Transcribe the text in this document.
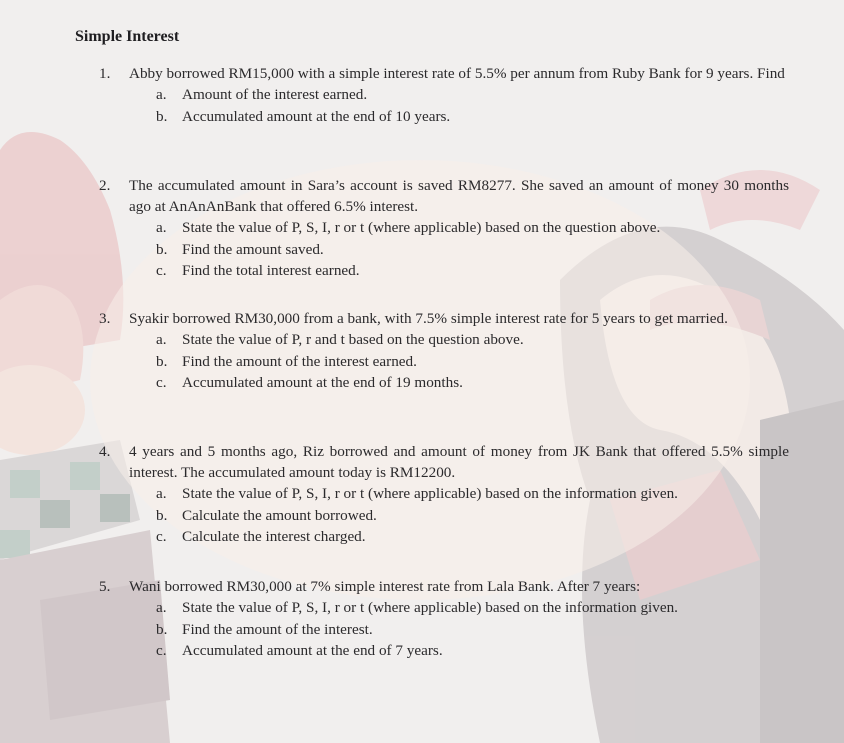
Simple Interest
1. Abby borrowed RM15,000 with a simple interest rate of 5.5% per annum from Ruby Bank for 9 years. Find
a. Amount of the interest earned.
b. Accumulated amount at the end of 10 years.
2. The accumulated amount in Sara’s account is saved RM8277. She saved an amount of money 30 months ago at AnAnAnBank that offered 6.5% interest.
a. State the value of P, S, I, r or t (where applicable) based on the question above.
b. Find the amount saved.
c. Find the total interest earned.
3. Syakir borrowed RM30,000 from a bank, with 7.5% simple interest rate for 5 years to get married.
a. State the value of P, r and t based on the question above.
b. Find the amount of the interest earned.
c. Accumulated amount at the end of 19 months.
4. 4 years and 5 months ago, Riz borrowed and amount of money from JK Bank that offered 5.5% simple interest. The accumulated amount today is RM12200.
a. State the value of P, S, I, r or t (where applicable) based on the information given.
b. Calculate the amount borrowed.
c. Calculate the interest charged.
5. Wani borrowed RM30,000 at 7% simple interest rate from Lala Bank. After 7 years:
a. State the value of P, S, I, r or t (where applicable) based on the information given.
b. Find the amount of the interest.
c. Accumulated amount at the end of 7 years.
